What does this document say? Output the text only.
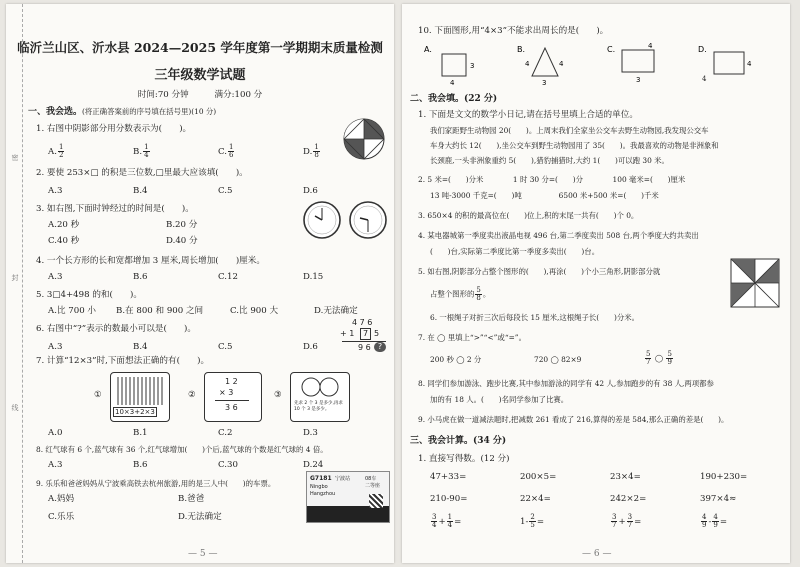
密
封
线
临沂兰山区、沂水县 2024—2025 学年度第一学期期末质量检测
三年级数学试题
时间:70 分钟　　　满分:100 分
一、我会选。(将正确答案前的序号填在括号里)(10 分)
1. 右图中阴影部分用分数表示为(　　)。
A. $\frac{1}{2}$	B. $\frac{1}{4}$	C. $\frac{1}{6}$	D. $\frac{1}{8}$
2. 要使 253×□ 的积是三位数,□里最大应该填(　　)。
A.3	B.4	C.5	D.6
3. 如右图,下面时钟经过的时间是(　　)。
A.20 秒	B.20 分
C.40 秒	D.40 分
4. 一个长方形的长和宽都增加 3 厘米,周长增加(　　)厘米。
A.3	B.6	C.12	D.15
5. 3□4+498 的和(　　)。
A.比 700 小 B.在 800 和 900 之间	C.比 900 大	D.无法确定
6. 右图中“?”表示的数最小可以是(　　)。
4 7 6
+ 1	7 5
9 6 ?
A.3	B.4	C.5	D.6
7. 计算“12×3”时,下面想法正确的有(　　)。
①
10×3+2×3
②
1 2
× 3
3 6
③
先求 2 个 3 是多少,再求 10 个 3 是多少。
A.0	B.1	C.2	D.3
8. 红气球有 6 个,蓝气球有 36 个,红气球增加(　　)个后,蓝气球的个数是红气球的 4 倍。
A.3	B.6	C.30	D.24
9. 乐乐和爸爸妈妈从宁波乘高铁去杭州旅游,用的是三人中(　　)的车票。
A.妈妈	B.爸爸
C.乐乐	D.无法确定
G7181 宁波站	08车
二等座
Ningbo
Hangzhou
— 5 —
10. 下面图形,用“4×3”不能求出周长的是(　　)。
A.
3
4
B.
4	4
3
C.	4
3
D.
4
4
二、我会填。(22 分)
1. 下面是文文的数学小日记,请在括号里填上合适的单位。
我们家距野生动物园 20(　　)。上周末我们全家坐公交车去野生动物园,我发现公交车
车身大约长 12(　　),坐公交车到野生动物园用了 35(　　)。我最喜欢的动物是非洲象和
长颈鹿,一头非洲象重约 5(　　),猎豹捕猎时,大约 1(　　)可以跑 30 米。
2. 5 米=(　　)分米　　　　1 时 30 分=(　　)分　　　　100 毫米=(　　)厘米
13 吨-3000 千克=(　　)吨　　　　　6500 米+500 米=(　　)千米
3. 650×4 的积的最高位在(　　)位上,积的末尾一共有(　　)个 0。
4. 某电器城第一季度卖出液晶电视 496 台,第二季度卖出 508 台,两个季度大约共卖出
(　　)台,实际第二季度比第一季度多卖出(　　)台。
5. 如右图,阴影部分占整个图形的(　　),再涂(　　)个小三角形,阴影部分就
占整个图形的 $\frac{5}{8}$ 。
6. 一根绳子对折三次后每段长 15 厘米,这根绳子长(　　)分米。
7. 在 ◯ 里填上“>”“<”或“=”。
200 秒 ◯ 2 分	720 ◯ 82×9	$\frac{5}{7}$ ◯ $\frac{5}{9}$
8. 同学们参加游泳、跑步比赛,其中参加游泳的同学有 42 人,参加跑步的有 38 人,两项都参
加的有 18 人。(　　)名同学参加了比赛。
9. 小马虎在做一道减法题时,把减数 261 看成了 216,算得的差是 584,那么正确的差是(　　)。
三、我会计算。(34 分)
1. 直接写得数。(12 分)
47+33=	200×5=	23×4=	190+230=
210-90=	22×4=	242×2=	397×4≈
$\frac{3}{4} + \frac{1}{4}$ =	$1- \frac{2}{5}$ =	$\frac{3}{7} + \frac{3}{7}$ =	$\frac{4}{9} - \frac{4}{9}$ =
— 6 —
